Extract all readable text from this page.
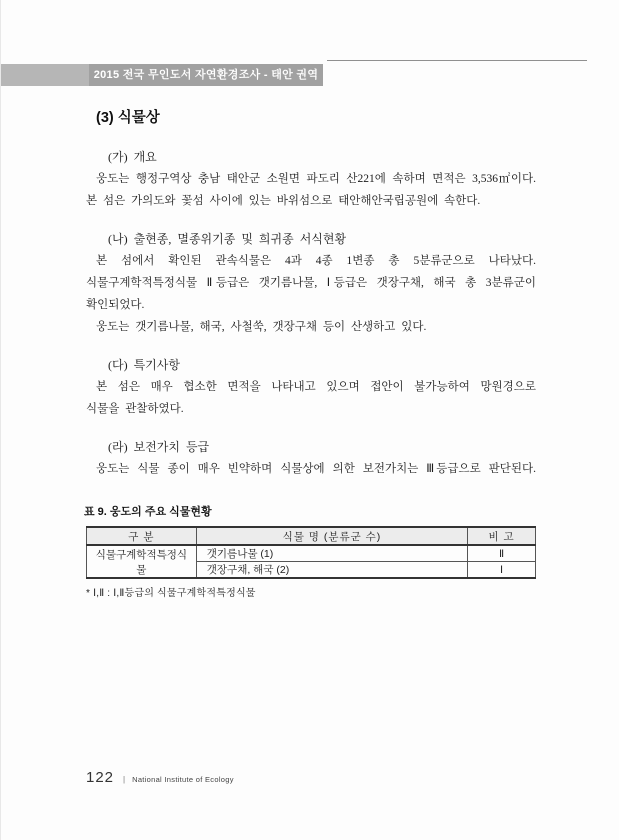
2015 전국 무인도서 자연환경조사 - 태안 권역
(3) 식물상
(가) 개요
웅도는 행정구역상 충남 태안군 소원면 파도리 산221에 속하며 면적은 3,536㎡이다.
본 섬은 가의도와 꽃섬 사이에 있는 바위섬으로 태안해안국립공원에 속한다.
(나) 출현종, 멸종위기종 및 희귀종 서식현황
본 섬에서 확인된 관속식물은 4과 4종 1변종 총 5분류군으로 나타났다.
식물구계학적특정식물 Ⅱ등급은 갯기름나물, Ⅰ등급은 갯장구채, 해국 총 3분류군이
확인되었다.
웅도는 갯기름나물, 해국, 사철쑥, 갯장구채 등이 산생하고 있다.
(다) 특기사항
본 섬은 매우 협소한 면적을 나타내고 있으며 접안이 불가능하여 망원경으로
식물을 관찰하였다.
(라) 보전가치 등급
웅도는 식물 종이 매우 빈약하며 식물상에 의한 보전가치는 Ⅲ등급으로 판단된다.
표 9. 웅도의 주요 식물현황
구 분	식물 명 (분류군 수)	비 고
식물구계학적특정식물	갯기름나물 (1)	Ⅱ
	갯장구채, 해국 (2)	Ⅰ
* Ⅰ,Ⅱ : Ⅰ,Ⅱ등급의 식물구계학적특정식물
122 | National Institute of Ecology
